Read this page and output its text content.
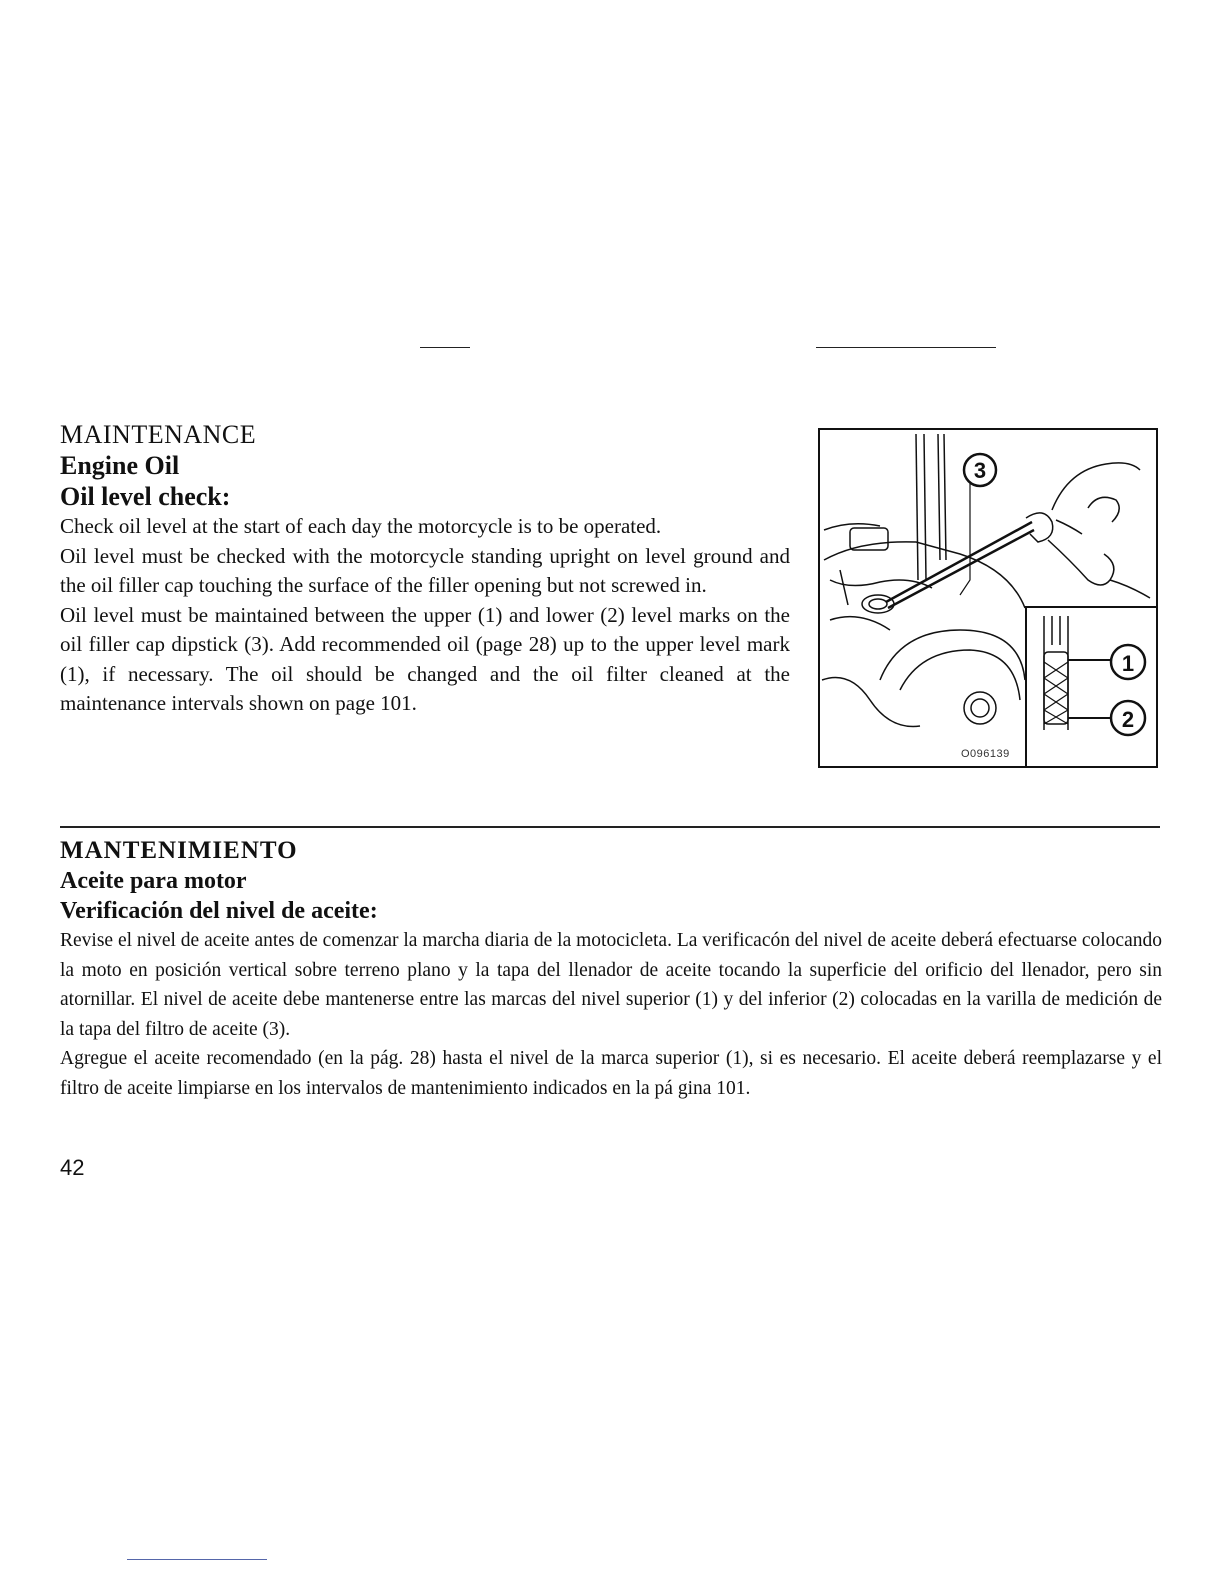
MAINTENANCE
Engine Oil
Oil level check:

Check oil level at the start of each day the motorcycle is to be operated.

Oil level must be checked with the motorcycle standing upright on level ground and the oil filler cap touching the surface of the filler opening but not screwed in.

Oil level must be maintained between the upper (1) and lower (2) level marks on the oil filler cap dipstick (3). Add recommended oil (page 28) up to the upper level mark (1), if necessary. The oil should be changed and the oil filter cleaned at the maintenance intervals shown on page 101.

3
1
2
O096139
MANTENIMIENTO
Aceite para motor
Verificación del nivel de aceite:

Revise el nivel de aceite antes de comenzar la marcha diaria de la motocicleta. La verificacón del nivel de aceite deberá efectuarse colocando la moto en posición vertical sobre terreno plano y la tapa del llenador de aceite tocando la superficie del orificio del llenador, pero sin atornillar. El nivel de aceite debe mantenerse entre las marcas del nivel superior (1) y del inferior (2) colocadas en la varilla de medición de la tapa del filtro de aceite (3).

Agregue el aceite recomendado (en la pág. 28) hasta el nivel de la marca superior (1), si es necesario. El aceite deberá reemplazarse y el filtro de aceite limpiarse en los intervalos de mantenimiento indicados en la pá gina 101.

42
